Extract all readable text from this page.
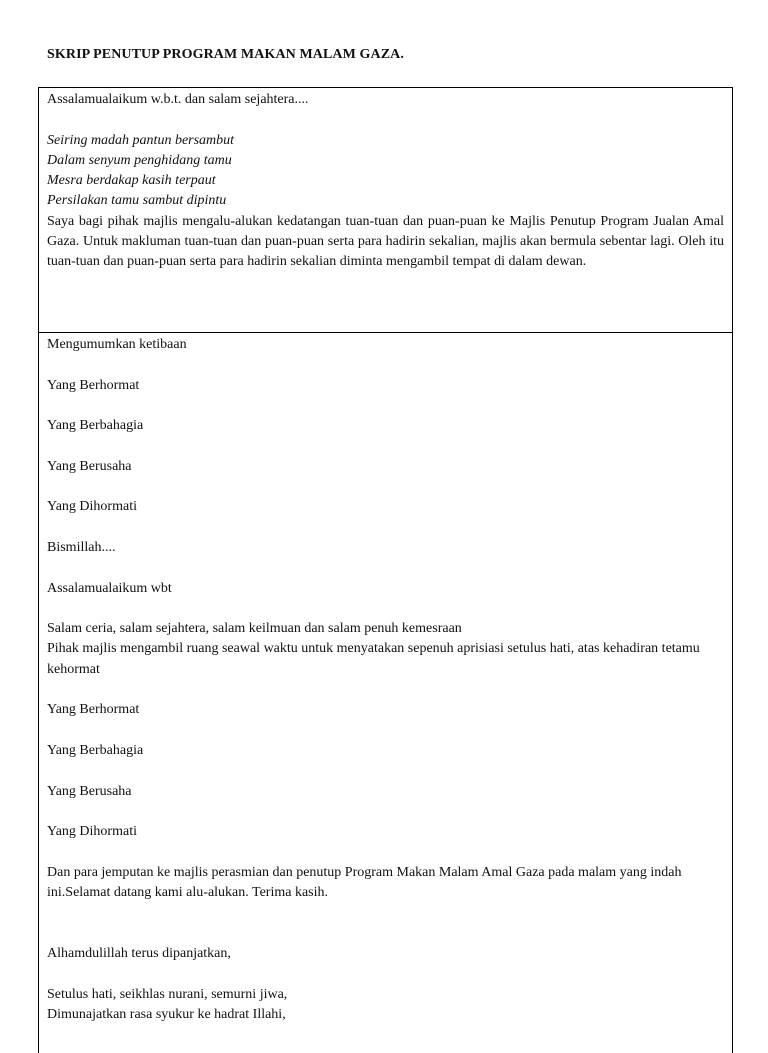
SKRIP PENUTUP PROGRAM MAKAN MALAM GAZA.

Assalamualaikum w.b.t. dan salam sejahtera....

Seiring madah pantun bersambut

Dalam senyum penghidang tamu

Mesra berdakap kasih terpaut

Persilakan tamu sambut dipintu

Saya bagi pihak majlis mengalu-alukan kedatangan tuan-tuan dan puan-puan ke Majlis Penutup Program Jualan Amal Gaza. Untuk makluman tuan-tuan dan puan-puan serta para hadirin sekalian, majlis akan bermula sebentar lagi. Oleh itu tuan-tuan dan puan-puan serta para hadirin sekalian diminta mengambil tempat di dalam dewan.

Mengumumkan ketibaan

Yang Berhormat

Yang Berbahagia

Yang Berusaha

Yang Dihormati

Bismillah....

Assalamualaikum wbt

Salam ceria, salam sejahtera, salam keilmuan dan salam penuh kemesraan

Pihak majlis mengambil ruang seawal waktu untuk menyatakan sepenuh aprisiasi setulus hati, atas kehadiran tetamu kehormat

Yang Berhormat

Yang Berbahagia

Yang Berusaha

Yang Dihormati

Dan para jemputan ke majlis perasmian dan penutup Program Makan Malam Amal Gaza pada malam yang indah ini.Selamat datang kami alu-alukan. Terima kasih.

Alhamdulillah terus dipanjatkan,

Setulus hati, seikhlas nurani, semurni jiwa,

Dimunajatkan rasa syukur ke hadrat Illahi,
